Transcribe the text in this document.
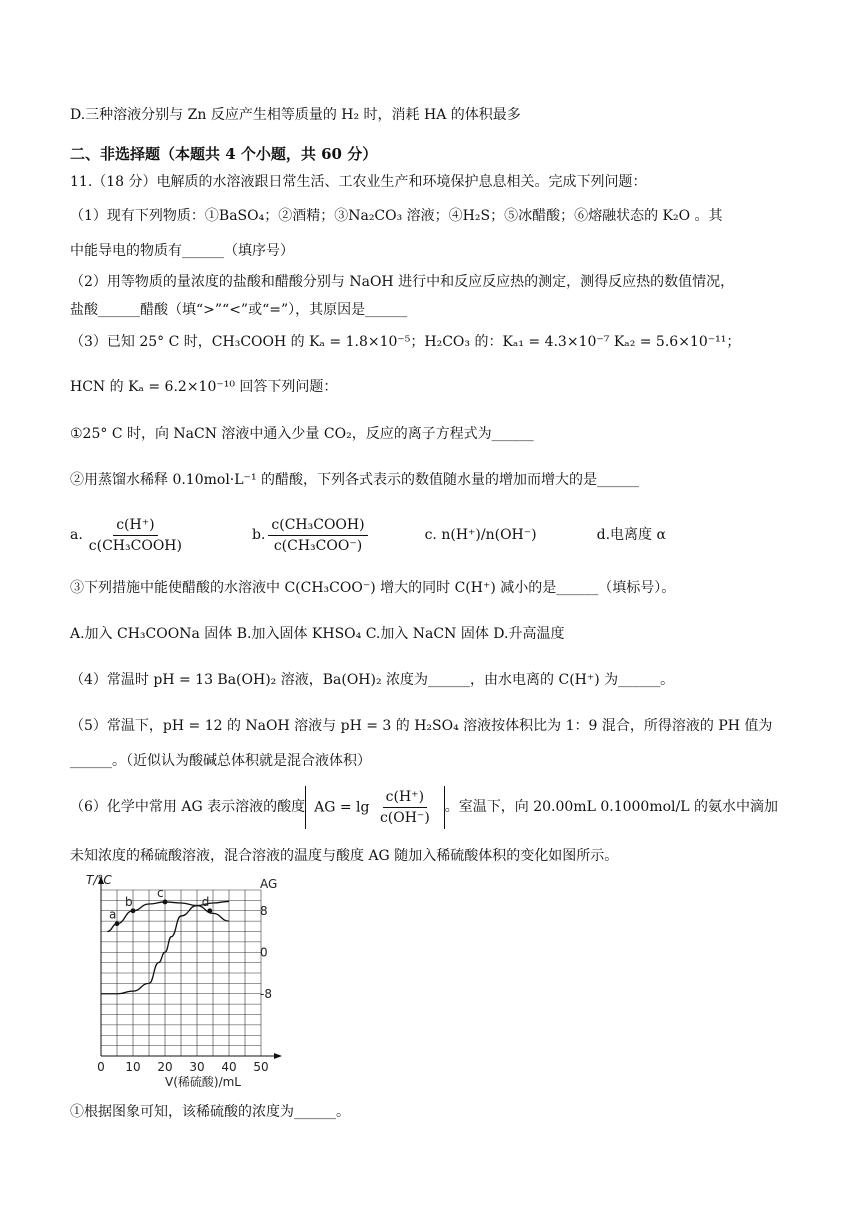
D.三种溶液分别与 Zn 反应产生相等质量的 H₂ 时，消耗 HA 的体积最多
二、非选择题（本题共 4 个小题，共 60 分）
11.（18 分）电解质的水溶液跟日常生活、工农业生产和环境保护息息相关。完成下列问题：
（1）现有下列物质：①BaSO₄；②酒精；③Na₂CO₃ 溶液；④H₂S；⑤冰醋酸；⑥熔融状态的 K₂O 。其
中能导电的物质有______（填序号）
（2）用等物质的量浓度的盐酸和醋酸分别与 NaOH 进行中和反应反应热的测定，测得反应热的数值情况，
盐酸______醋酸（填“>”“<”或“=”），其原因是______
（3）已知 25° C 时，CH₃COOH 的 Kₐ = 1.8×10⁻⁵；H₂CO₃ 的：Kₐ₁ = 4.3×10⁻⁷ Kₐ₂ = 5.6×10⁻¹¹；
HCN 的 Kₐ = 6.2×10⁻¹⁰ 回答下列问题：
①25° C 时，向 NaCN 溶液中通入少量 CO₂，反应的离子方程式为______
②用蒸馏水稀释 0.10mol·L⁻¹ 的醋酸，下列各式表示的数值随水量的增加而增大的是______
a. $\frac{c(H^+)}{\text{c(CH₃COOH)}}$	b. $\frac{\text{c(CH₃COOH)}}{\text{c(CH₃COO⁻)}}$	c. n(H⁺)/n(OH⁻)	d.电离度 α
③下列措施中能使醋酸的水溶液中 C(CH₃COO⁻) 增大的同时 C(H⁺) 减小的是______（填标号）。
A.加入 CH₃COONa 固体 B.加入固体 KHSO₄ C.加入 NaCN 固体 D.升高温度
（4）常温时 pH = 13 Ba(OH)₂ 溶液，Ba(OH)₂ 浓度为______，由水电离的 C(H⁺) 为______。
（5）常温下，pH = 12 的 NaOH 溶液与 pH = 3 的 H₂SO₄ 溶液按体积比为 1：9 混合，所得溶液的 PH 值为
______。（近似认为酸碱总体积就是混合液体积）
（6）化学中常用 AG 表示溶液的酸度 AG = $\lg \frac{c(H^+)}{c(OH^-)}$ 。室温下，向 20.00mL 0.1000mol/L 的氨水中滴加
未知浓度的稀硫酸溶液，混合溶液的温度与酸度 AG 随加入稀硫酸体积的变化如图所示。
T/°C	AG
V(稀硫酸)/mL
0 10 20 30 40 50
8
0
-8
a
b
c
d
①根据图象可知，该稀硫酸的浓度为______。
